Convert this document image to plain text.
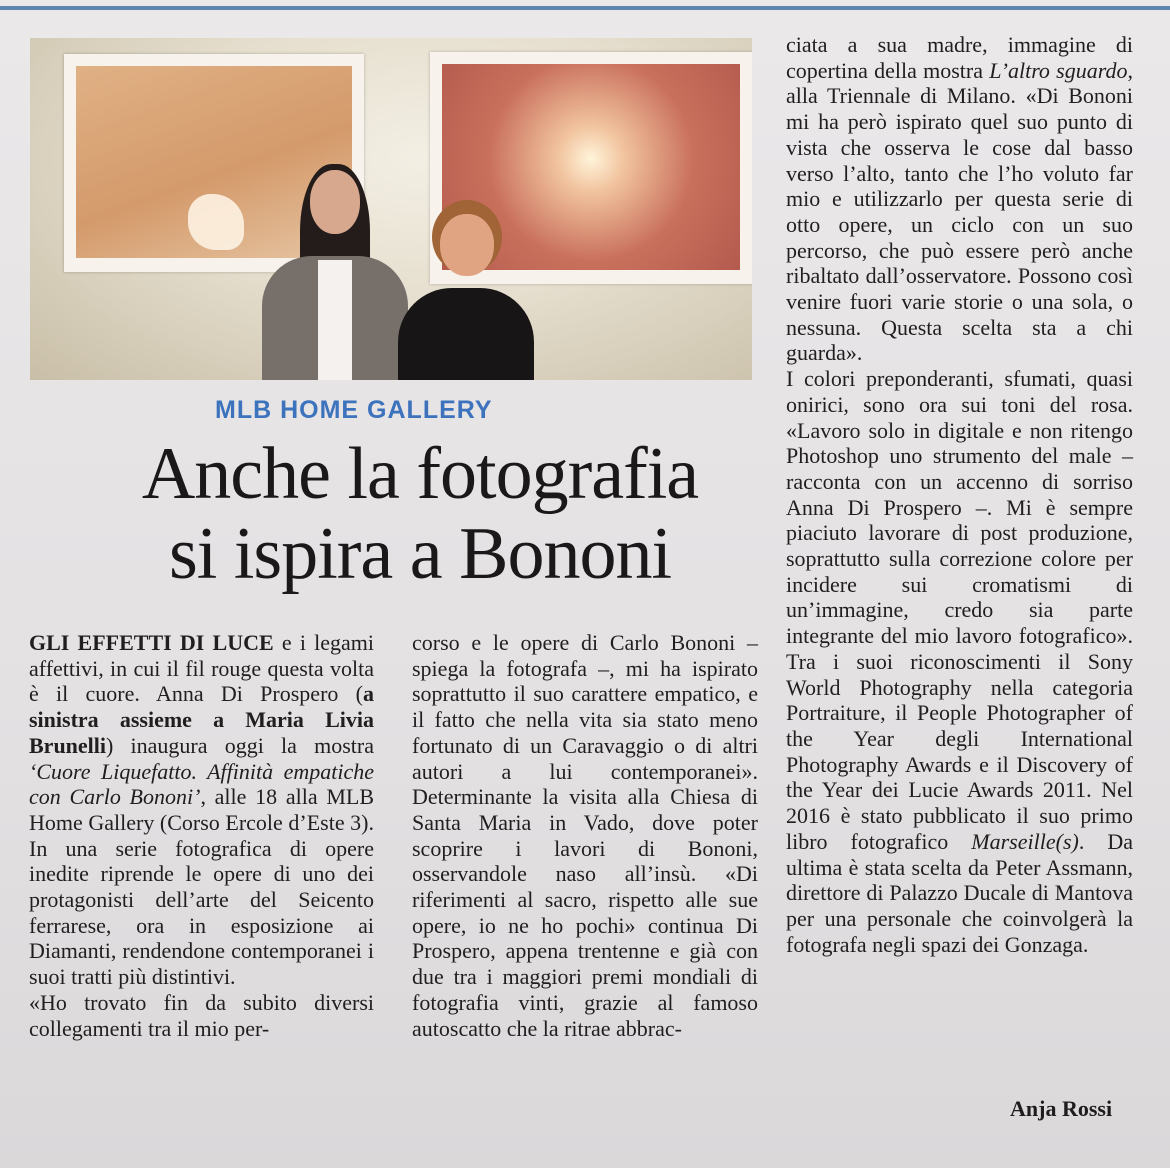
MLB HOME GALLERY
Anche la fotografia
si ispira a Bononi

GLI EFFETTI DI LUCE e i legami affettivi, in cui il fil rouge questa volta è il cuore. Anna Di Prospero (a sinistra assieme a Maria Livia Brunelli) inaugura oggi la mostra ‘Cuore Liquefatto. Affinità empatiche con Carlo Bononi’, alle 18 alla MLB Home Gallery (Corso Ercole d’Este 3). In una serie fotografica di opere inedite riprende le opere di uno dei protagonisti dell’arte del Seicento ferrarese, ora in esposizione ai Diamanti, rendendone contemporanei i suoi tratti più distintivi.

«Ho trovato fin da subito diversi collegamenti tra il mio per-

corso e le opere di Carlo Bononi – spiega la fotografa –, mi ha ispirato soprattutto il suo carattere empatico, e il fatto che nella vita sia stato meno fortunato di un Caravaggio o di altri autori a lui contemporanei». Determinante la visita alla Chiesa di Santa Maria in Vado, dove poter scoprire i lavori di Bononi, osservandole naso all’insù. «Di riferimenti al sacro, rispetto alle sue opere, io ne ho pochi» continua Di Prospero, appena trentenne e già con due tra i maggiori premi mondiali di fotografia vinti, grazie al famoso autoscatto che la ritrae abbrac-

ciata a sua madre, immagine di copertina della mostra L’altro sguardo, alla Triennale di Milano. «Di Bononi mi ha però ispirato quel suo punto di vista che osserva le cose dal basso verso l’alto, tanto che l’ho voluto far mio e utilizzarlo per questa serie di otto opere, un ciclo con un suo percorso, che può essere però anche ribaltato dall’osservatore. Possono così venire fuori varie storie o una sola, o nessuna. Questa scelta sta a chi guarda».

I colori preponderanti, sfumati, quasi onirici, sono ora sui toni del rosa. «Lavoro solo in digitale e non ritengo Photoshop uno strumento del male – racconta con un accenno di sorriso Anna Di Prospero –. Mi è sempre piaciuto lavorare di post produzione, soprattutto sulla correzione colore per incidere sui cromatismi di un’immagine, credo sia parte integrante del mio lavoro fotografico». Tra i suoi riconoscimenti il Sony World Photography nella categoria Portraiture, il People Photographer of the Year degli International Photography Awards e il Discovery of the Year dei Lucie Awards 2011. Nel 2016 è stato pubblicato il suo primo libro fotografico Marseille(s). Da ultima è stata scelta da Peter Assmann, direttore di Palazzo Ducale di Mantova per una personale che coinvolgerà la fotografa negli spazi dei Gonzaga.

Anja Rossi
